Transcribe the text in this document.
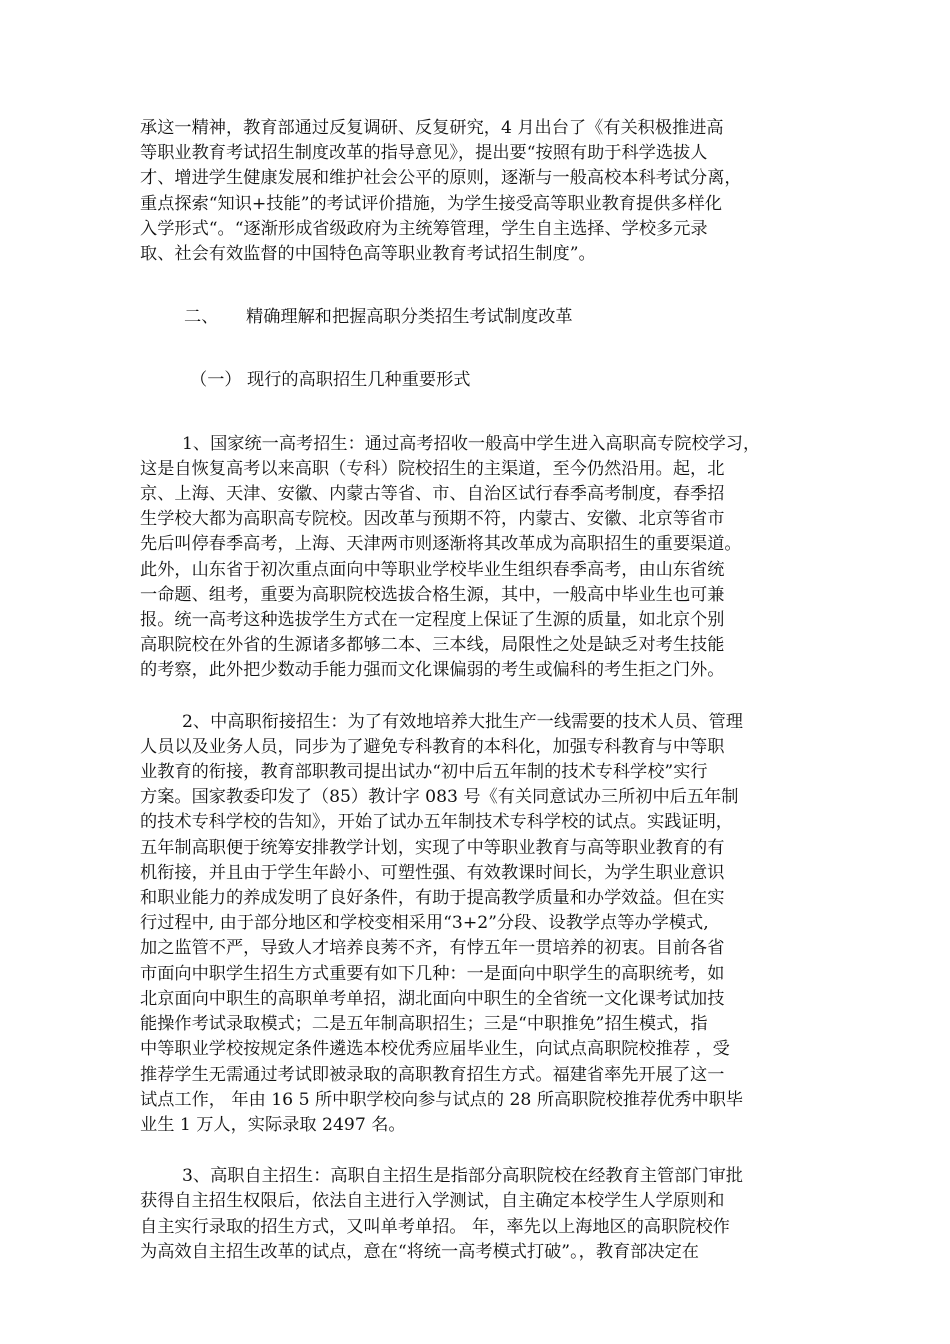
承这一精神，教育部通过反复调研、反复研究，4 月出台了《有关积极推进高
等职业教育考试招生制度改革的指导意见》，提出要“按照有助于科学选拔人
才、增进学生健康发展和维护社会公平的原则，逐渐与一般高校本科考试分离，
重点探索“知识+技能”的考试评价措施，为学生接受高等职业教育提供多样化
入学形式“。“逐渐形成省级政府为主统筹管理，学生自主选择、学校多元录
取、社会有效监督的中国特色高等职业教育考试招生制度”。
二、 精确理解和把握高职分类招生考试制度改革
（一） 现行的高职招生几种重要形式
1、国家统一高考招生：通过高考招收一般高中学生进入高职高专院校学习，
这是自恢复高考以来高职（专科）院校招生的主渠道，至今仍然沿用。起，北
京、上海、天津、安徽、内蒙古等省、市、自治区试行春季高考制度，春季招
生学校大都为高职高专院校。因改革与预期不符，内蒙古、安徽、北京等省市
先后叫停春季高考，上海、天津两市则逐渐将其改革成为高职招生的重要渠道。
此外，山东省于初次重点面向中等职业学校毕业生组织春季高考，由山东省统
一命题、组考，重要为高职院校选拔合格生源，其中，一般高中毕业生也可兼
报。统一高考这种选拔学生方式在一定程度上保证了生源的质量，如北京个别
高职院校在外省的生源诸多都够二本、三本线，局限性之处是缺乏对考生技能
的考察，此外把少数动手能力强而文化课偏弱的考生或偏科的考生拒之门外。
2、中高职衔接招生：为了有效地培养大批生产一线需要的技术人员、管理
人员以及业务人员，同步为了避免专科教育的本科化，加强专科教育与中等职
业教育的衔接，教育部职教司提出试办“初中后五年制的技术专科学校”实行
方案。国家教委印发了（85）教计字 083 号《有关同意试办三所初中后五年制
的技术专科学校的告知》，开始了试办五年制技术专科学校的试点。实践证明，
五年制高职便于统筹安排教学计划，实现了中等职业教育与高等职业教育的有
机衔接，并且由于学生年龄小、可塑性强、有效教课时间长，为学生职业意识
和职业能力的养成发明了良好条件，有助于提高教学质量和办学效益。但在实
行过程中, 由于部分地区和学校变相采用“3+2”分段、设教学点等办学模式,
加之监管不严，导致人才培养良莠不齐，有悖五年一贯培养的初衷。目前各省
市面向中职学生招生方式重要有如下几种：一是面向中职学生的高职统考，如
北京面向中职生的高职单考单招，湖北面向中职生的全省统一文化课考试加技
能操作考试录取模式；二是五年制高职招生；三是“中职推免”招生模式，指
中等职业学校按规定条件遴选本校优秀应届毕业生，向试点高职院校推荐 ，受
推荐学生无需通过考试即被录取的高职教育招生方式。福建省率先开展了这一
试点工作， 年由 16 5 所中职学校向参与试点的 28 所高职院校推荐优秀中职毕
业生 1 万人，实际录取 2497 名。
3、高职自主招生：高职自主招生是指部分高职院校在经教育主管部门审批
获得自主招生权限后，依法自主进行入学测试，自主确定本校学生人学原则和
自主实行录取的招生方式，又叫单考单招。 年，率先以上海地区的高职院校作
为高效自主招生改革的试点，意在“将统一高考模式打破”。，教育部决定在
